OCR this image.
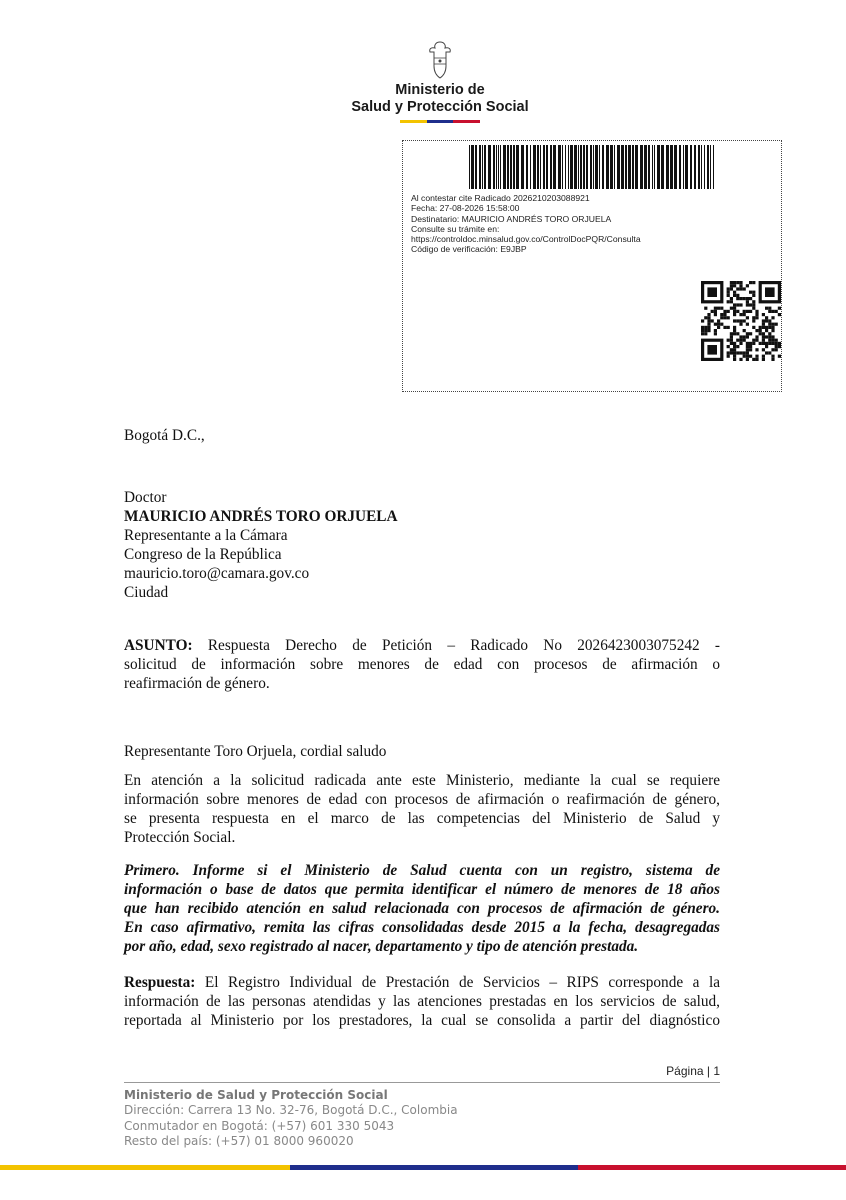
Ministerio de
Salud y Protección Social
Al contestar cite Radicado 2026210203088921
Fecha: 27-08-2026 15:58:00
Destinatario: MAURICIO ANDRÉS TORO ORJUELA
Consulte su trámite en:
https://controldoc.minsalud.gov.co/ControlDocPQR/Consulta
Código de verificación: E9JBP
Bogotá D.C.,
Doctor
MAURICIO ANDRÉS TORO ORJUELA
Representante a la Cámara
Congreso de la República
mauricio.toro@camara.gov.co
Ciudad
ASUNTO: Respuesta Derecho de Petición – Radicado No 2026423003075242 -
solicitud de información sobre menores de edad con procesos de afirmación o
reafirmación de género.
Representante Toro Orjuela, cordial saludo
En atención a la solicitud radicada ante este Ministerio, mediante la cual se requiere
información sobre menores de edad con procesos de afirmación o reafirmación de género,
se presenta respuesta en el marco de las competencias del Ministerio de Salud y
Protección Social.
Primero. Informe si el Ministerio de Salud cuenta con un registro, sistema de
información o base de datos que permita identificar el número de menores de 18 años
que han recibido atención en salud relacionada con procesos de afirmación de género.
En caso afirmativo, remita las cifras consolidadas desde 2015 a la fecha, desagregadas
por año, edad, sexo registrado al nacer, departamento y tipo de atención prestada.
Respuesta: El Registro Individual de Prestación de Servicios – RIPS corresponde a la
información de las personas atendidas y las atenciones prestadas en los servicios de salud,
reportada al Ministerio por los prestadores, la cual se consolida a partir del diagnóstico
Página | 1
Ministerio de Salud y Protección Social
Dirección: Carrera 13 No. 32-76, Bogotá D.C., Colombia
Conmutador en Bogotá: (+57) 601 330 5043
Resto del país: (+57) 01 8000 960020
